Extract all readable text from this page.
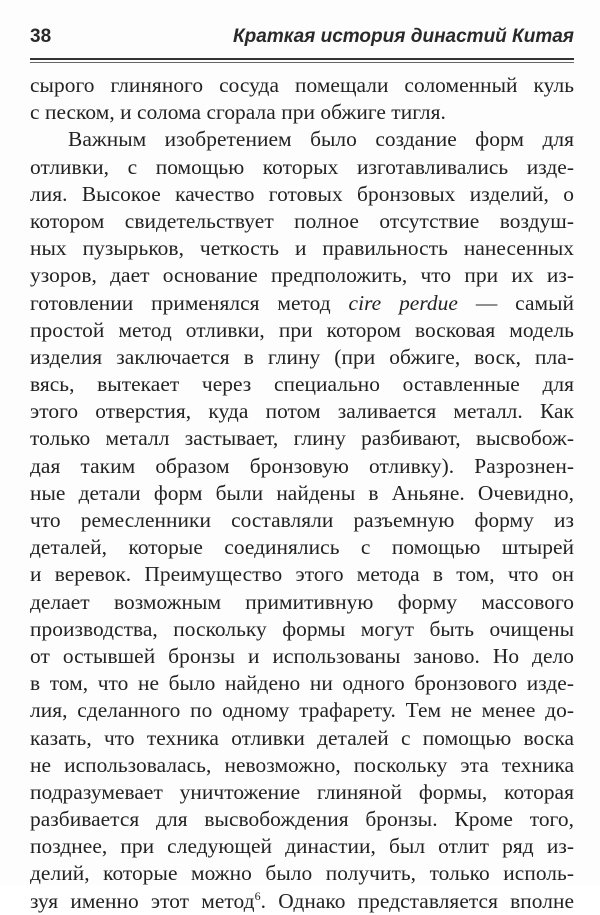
38	Краткая история династий Китая
сырого глиняного сосуда помещали соломенный куль
с песком, и солома сгорала при обжиге тигля.
Важным изобретением было создание форм для
отливки, с помощью которых изготавливались изде-
лия. Высокое качество готовых бронзовых изделий, о
котором свидетельствует полное отсутствие воздуш-
ных пузырьков, четкость и правильность нанесенных
узоров, дает основание предположить, что при их из-
готовлении применялся метод cire perdue — самый
простой метод отливки, при котором восковая модель
изделия заключается в глину (при обжиге, воск, пла-
вясь, вытекает через специально оставленные для
этого отверстия, куда потом заливается металл. Как
только металл застывает, глину разбивают, высвобож-
дая таким образом бронзовую отливку). Разрознен-
ные детали форм были найдены в Аньяне. Очевидно,
что ремесленники составляли разъемную форму из
деталей, которые соединялись с помощью штырей
и веревок. Преимущество этого метода в том, что он
делает возможным примитивную форму массового
производства, поскольку формы могут быть очищены
от остывшей бронзы и использованы заново. Но дело
в том, что не было найдено ни одного бронзового изде-
лия, сделанного по одному трафарету. Тем не менее до-
казать, что техника отливки деталей с помощью воска
не использовалась, невозможно, поскольку эта техника
подразумевает уничтожение глиняной формы, которая
разбивается для высвобождения бронзы. Кроме того,
позднее, при следующей династии, был отлит ряд из-
делий, которые можно было получить, только исполь-
зуя именно этот метод$^6$. Однако представляется вполне
